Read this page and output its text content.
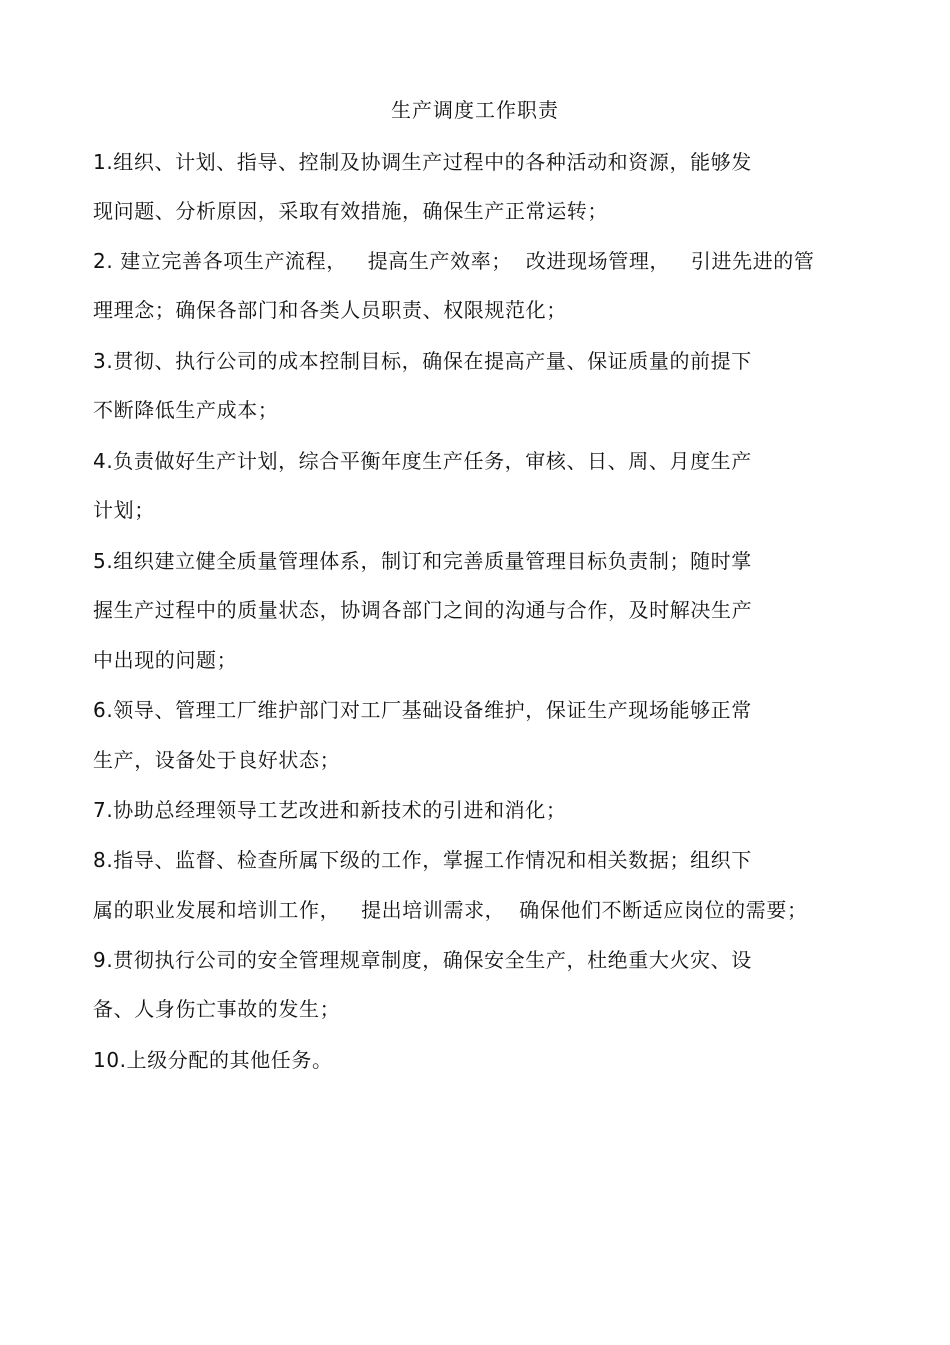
生产调度工作职责
1.组织、计划、指导、控制及协调生产过程中的各种活动和资源，能够发
现问题、分析原因，采取有效措施，确保生产正常运转；
2. 建立完善各项生产流程，   提高生产效率；  改进现场管理，   引进先进的管
理理念；确保各部门和各类人员职责、权限规范化；
3.贯彻、执行公司的成本控制目标，确保在提高产量、保证质量的前提下
不断降低生产成本；
4.负责做好生产计划，综合平衡年度生产任务，审核、日、周、月度生产
计划；
5.组织建立健全质量管理体系，制订和完善质量管理目标负责制；随时掌
握生产过程中的质量状态，协调各部门之间的沟通与合作，及时解决生产
中出现的问题；
6.领导、管理工厂维护部门对工厂基础设备维护，保证生产现场能够正常
生产，设备处于良好状态；
7.协助总经理领导工艺改进和新技术的引进和消化；
8.指导、监督、检查所属下级的工作，掌握工作情况和相关数据；组织下
属的职业发展和培训工作，   提出培训需求，  确保他们不断适应岗位的需要；
9.贯彻执行公司的安全管理规章制度，确保安全生产，杜绝重大火灾、设
备、人身伤亡事故的发生；
10.上级分配的其他任务。
